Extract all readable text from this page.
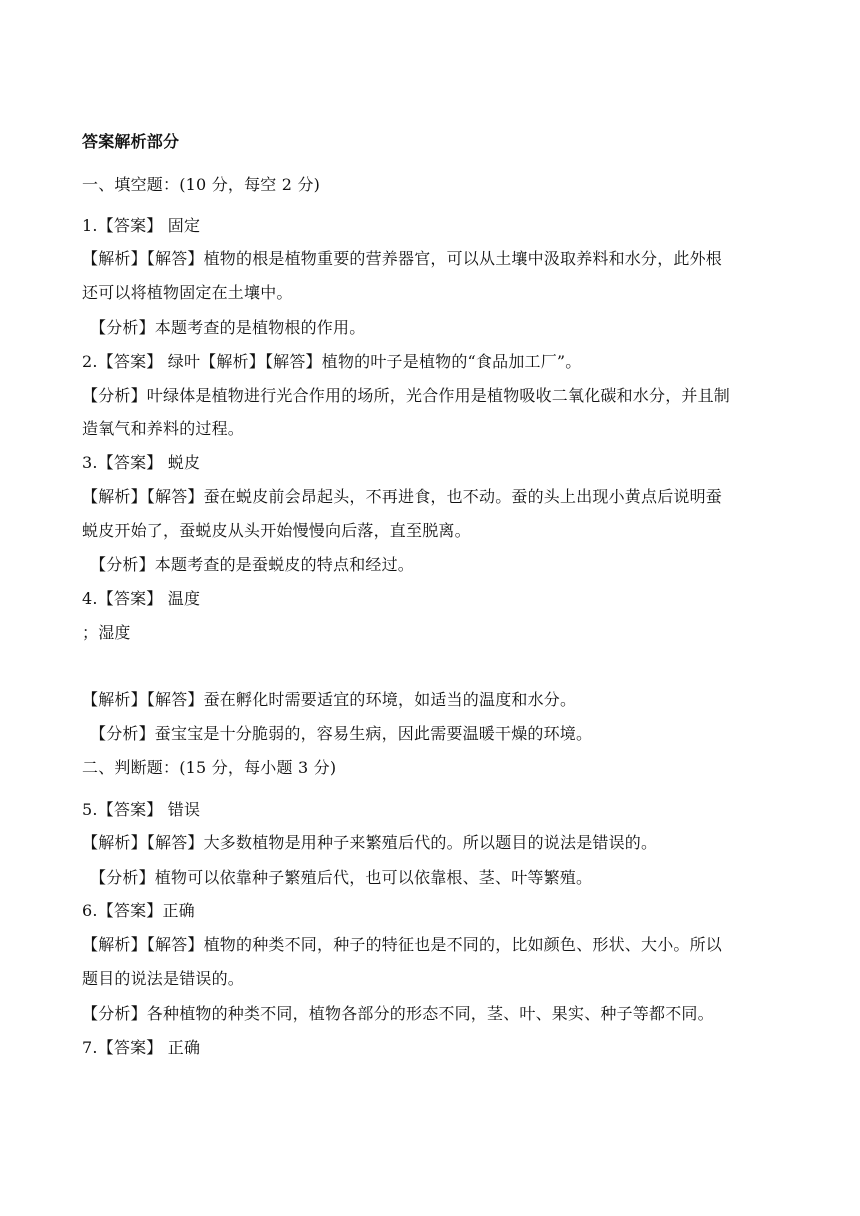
答案解析部分
一、填空题：(10 分，每空 2 分)
1.【答案】 固定
【解析】【解答】植物的根是植物重要的营养器官，可以从土壤中汲取养料和水分，此外根
还可以将植物固定在土壤中。
【分析】本题考查的是植物根的作用。
2.【答案】 绿叶【解析】【解答】植物的叶子是植物的“食品加工厂”。
【分析】叶绿体是植物进行光合作用的场所，光合作用是植物吸收二氧化碳和水分，并且制
造氧气和养料的过程。
3.【答案】 蜕皮
【解析】【解答】蚕在蜕皮前会昂起头，不再进食，也不动。蚕的头上出现小黄点后说明蚕
蜕皮开始了，蚕蜕皮从头开始慢慢向后落，直至脱离。
【分析】本题考查的是蚕蜕皮的特点和经过。
4.【答案】 温度
；湿度
【解析】【解答】蚕在孵化时需要适宜的环境，如适当的温度和水分。
【分析】蚕宝宝是十分脆弱的，容易生病，因此需要温暖干燥的环境。
二、判断题：(15 分，每小题 3 分)
5.【答案】 错误
【解析】【解答】大多数植物是用种子来繁殖后代的。所以题目的说法是错误的。
【分析】植物可以依靠种子繁殖后代，也可以依靠根、茎、叶等繁殖。
6.【答案】正确
【解析】【解答】植物的种类不同，种子的特征也是不同的，比如颜色、形状、大小。所以
题目的说法是错误的。
【分析】各种植物的种类不同，植物各部分的形态不同，茎、叶、果实、种子等都不同。
7.【答案】 正确
